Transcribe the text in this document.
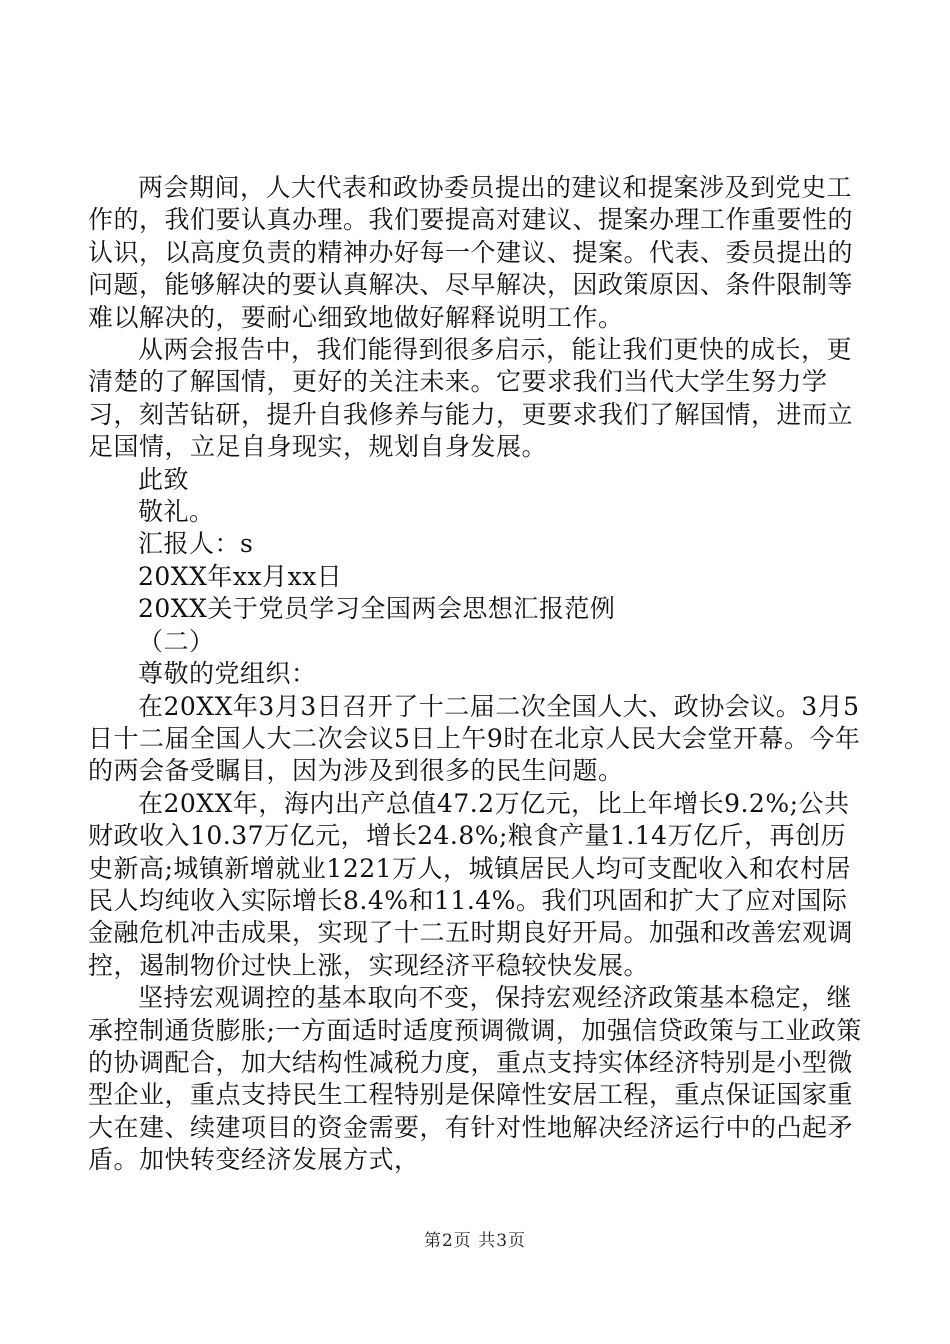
两会期间，人大代表和政协委员提出的建议和提案涉及到党史工作的，我们要认真办理。我们要提高对建议、提案办理工作重要性的认识，以高度负责的精神办好每一个建议、提案。代表、委员提出的问题，能够解决的要认真解决、尽早解决，因政策原因、条件限制等难以解决的，要耐心细致地做好解释说明工作。

从两会报告中，我们能得到很多启示，能让我们更快的成长，更清楚的了解国情，更好的关注未来。它要求我们当代大学生努力学习，刻苦钻研，提升自我修养与能力，更要求我们了解国情，进而立足国情，立足自身现实，规划自身发展。

此致

敬礼。

汇报人：s

20XX年xx月xx日

20XX关于党员学习全国两会思想汇报范例

（二）

尊敬的党组织：

在20XX年3月3日召开了十二届二次全国人大、政协会议。3月5日十二届全国人大二次会议5日上午9时在北京人民大会堂开幕。今年的两会备受瞩目，因为涉及到很多的民生问题。

在20XX年，海内出产总值47.2万亿元，比上年增长9.2%;公共财政收入10.37万亿元，增长24.8%;粮食产量1.14万亿斤，再创历史新高;城镇新增就业1221万人，城镇居民人均可支配收入和农村居民人均纯收入实际增长8.4%和11.4%。我们巩固和扩大了应对国际金融危机冲击成果，实现了十二五时期良好开局。加强和改善宏观调控，遏制物价过快上涨，实现经济平稳较快发展。

坚持宏观调控的基本取向不变，保持宏观经济政策基本稳定，继承控制通货膨胀;一方面适时适度预调微调，加强信贷政策与工业政策的协调配合，加大结构性减税力度，重点支持实体经济特别是小型微型企业，重点支持民生工程特别是保障性安居工程，重点保证国家重大在建、续建项目的资金需要，有针对性地解决经济运行中的凸起矛盾。加快转变经济发展方式，

第2页 共3页
